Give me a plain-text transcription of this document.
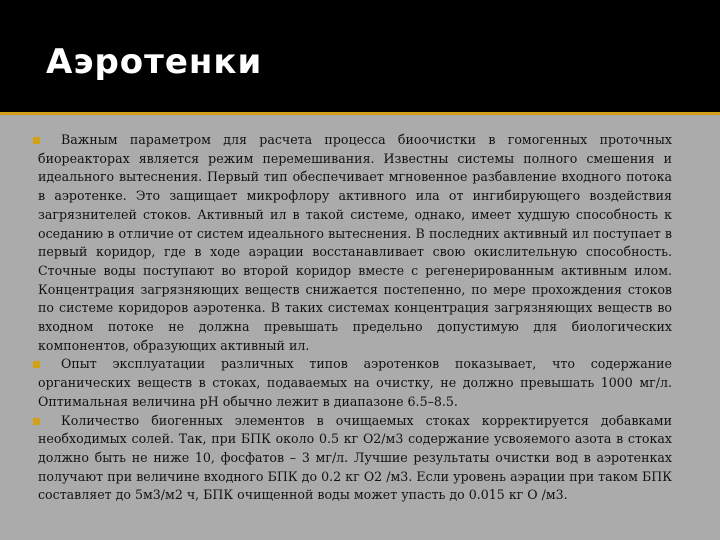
Аэротенки

Важным параметром для расчета процесса биоочистки в гомогенных проточных биореакторах является режим перемешивания. Известны системы полного смешения и идеального вытеснения. Первый тип обеспечивает мгновенное разбавление входного потока в аэротенке. Это защищает микрофлору активного ила от ингибирующего воздействия загрязнителей стоков. Активный ил в такой системе, однако, имеет худшую способность к оседанию в отличие от систем идеального вытеснения. В последних активный ил поступает в первый коридор, где в ходе аэрации восстанавливает свою окислительную способность. Сточные воды поступают во второй коридор вместе с регенерированным активным илом. Концентрация загрязняющих веществ снижается постепенно, по мере прохождения стоков по системе коридоров аэротенка. В таких системах концентрация загрязняющих веществ во входном потоке не должна превышать предельно допустимую для биологических компонентов, образующих активный ил.

Опыт эксплуатации различных типов аэротенков показывает, что содержание органических веществ в стоках, подаваемых на очистку, не должно превышать 1000 мг/л. Оптимальная величина pH обычно лежит в диапазоне 6.5–8.5.

Количество биогенных элементов в очищаемых стоках корректируется добавками необходимых солей. Так, при БПК около 0.5 кг О2/м3 содержание усвояемого азота в стоках должно быть не ниже 10, фосфатов – 3 мг/л. Лучшие результаты очистки вод в аэротенках получают при величине входного БПК до 0.2 кг О2 /м3. Если уровень аэрации при таком БПК составляет до 5м3/м2 ч, БПК очищенной воды может упасть до 0.015 кг О /м3.
